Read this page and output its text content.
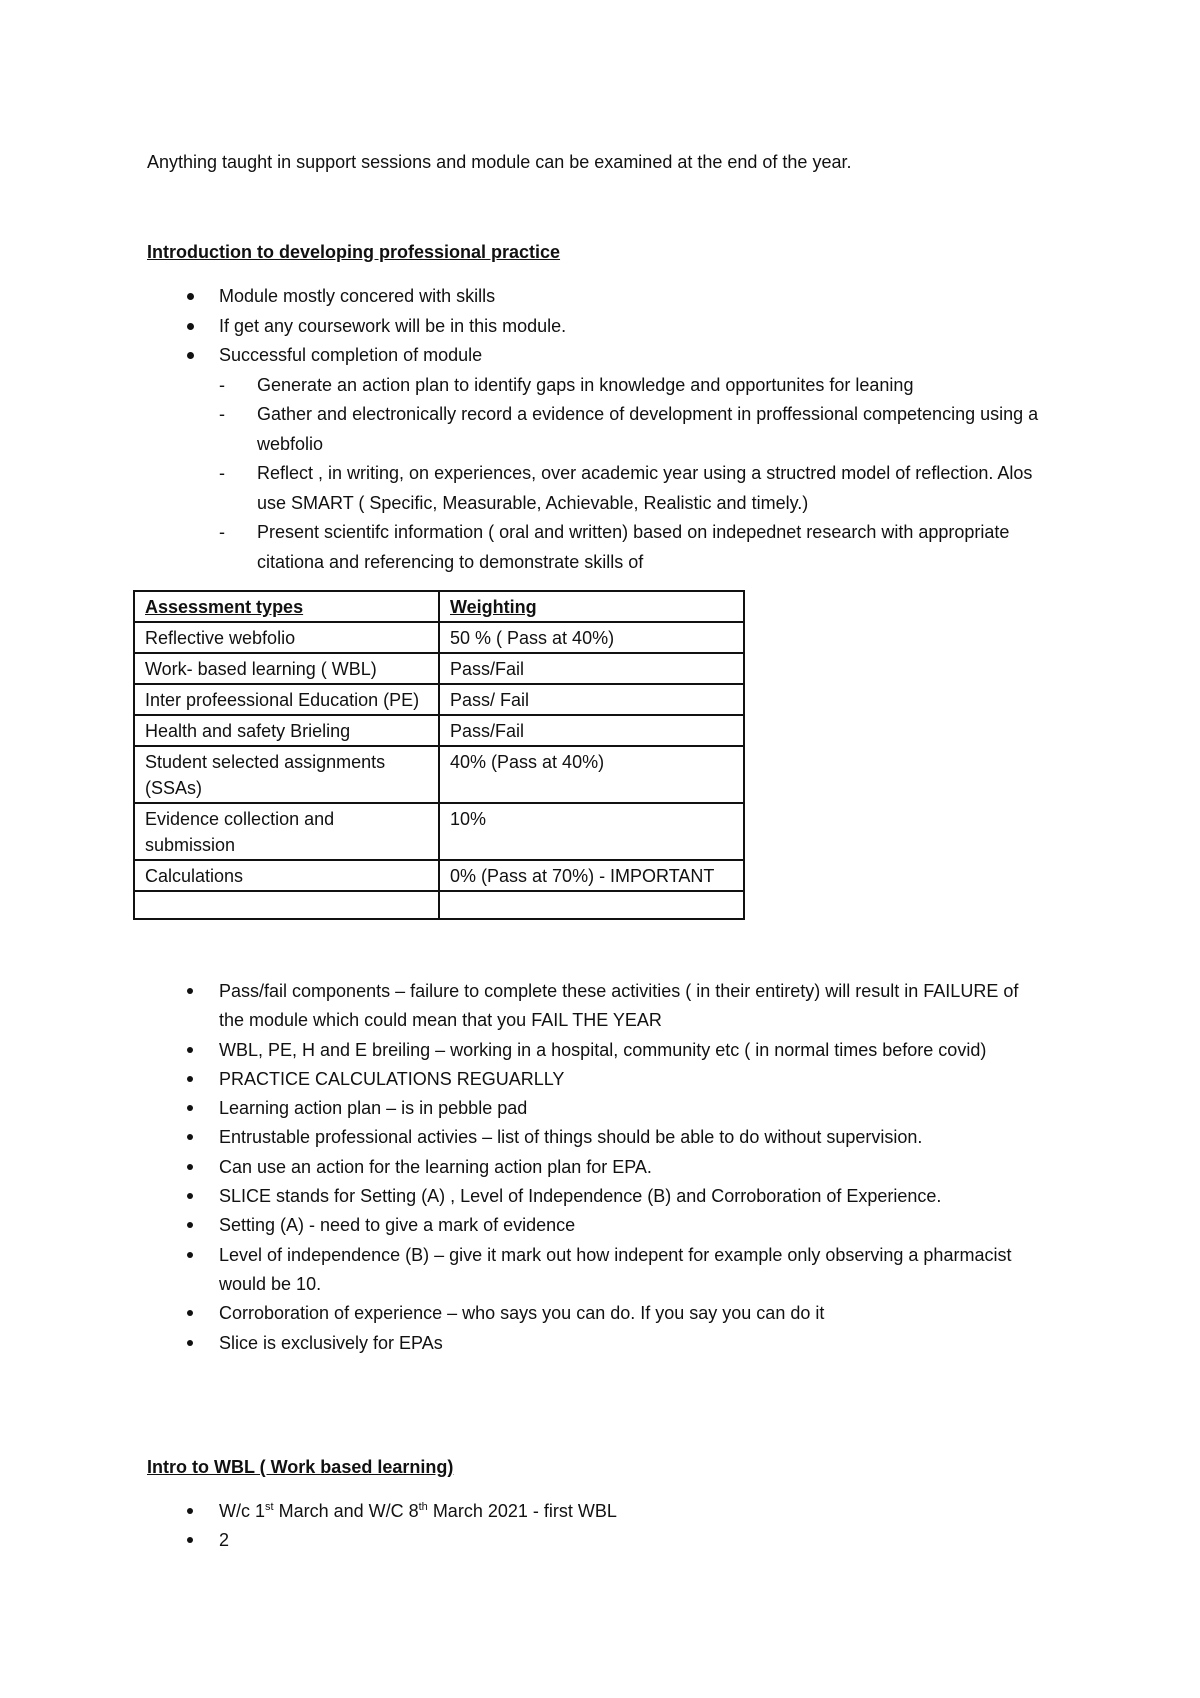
Anything taught in support sessions and module can be examined at the end of the year.
Introduction to developing professional practice
Module mostly concered with skills
If get any coursework will be in this module.
Successful completion of module
- Generate an action plan to identify gaps in knowledge and opportunites for leaning
- Gather and electronically record a evidence of development in proffessional competencing using a webfolio
- Reflect , in writing, on experiences, over academic year using a structred model of reflection. Alos use SMART ( Specific, Measurable, Achievable, Realistic and timely.)
- Present scientifc information ( oral and written) based on indepednet research with appropriate citationa and referencing to demonstrate skills of
Assessment types	Weighting
Reflective webfolio	50 % ( Pass at 40%)
Work- based learning ( WBL)	Pass/Fail
Inter profeessional Education (PE)	Pass/ Fail
Health and safety Brieling	Pass/Fail
Student selected assignments (SSAs)	40% (Pass at 40%)
Evidence collection and submission	10%
Calculations	0% (Pass at 70%) - IMPORTANT

Pass/fail components – failure to complete these activities ( in their entirety) will result in FAILURE of the module which could mean that you FAIL THE YEAR
WBL, PE, H and E breiling – working in a hospital, community etc ( in normal times before covid)
PRACTICE CALCULATIONS REGUARLLY
Learning action plan – is in pebble pad
Entrustable professional activies – list of things should be able to do without supervision.
Can use an action for the learning action plan for EPA.
SLICE stands for Setting (A) , Level of Independence (B) and Corroboration of Experience.
Setting (A) - need to give a mark of evidence
Level of independence (B) – give it mark out how indepent for example only observing a pharmacist would be 10.
Corroboration of experience – who says you can do. If you say you can do it
Slice is exclusively for EPAs
Intro to WBL ( Work based learning)
W/c 1st March and W/C 8th March 2021 - first WBL
2
